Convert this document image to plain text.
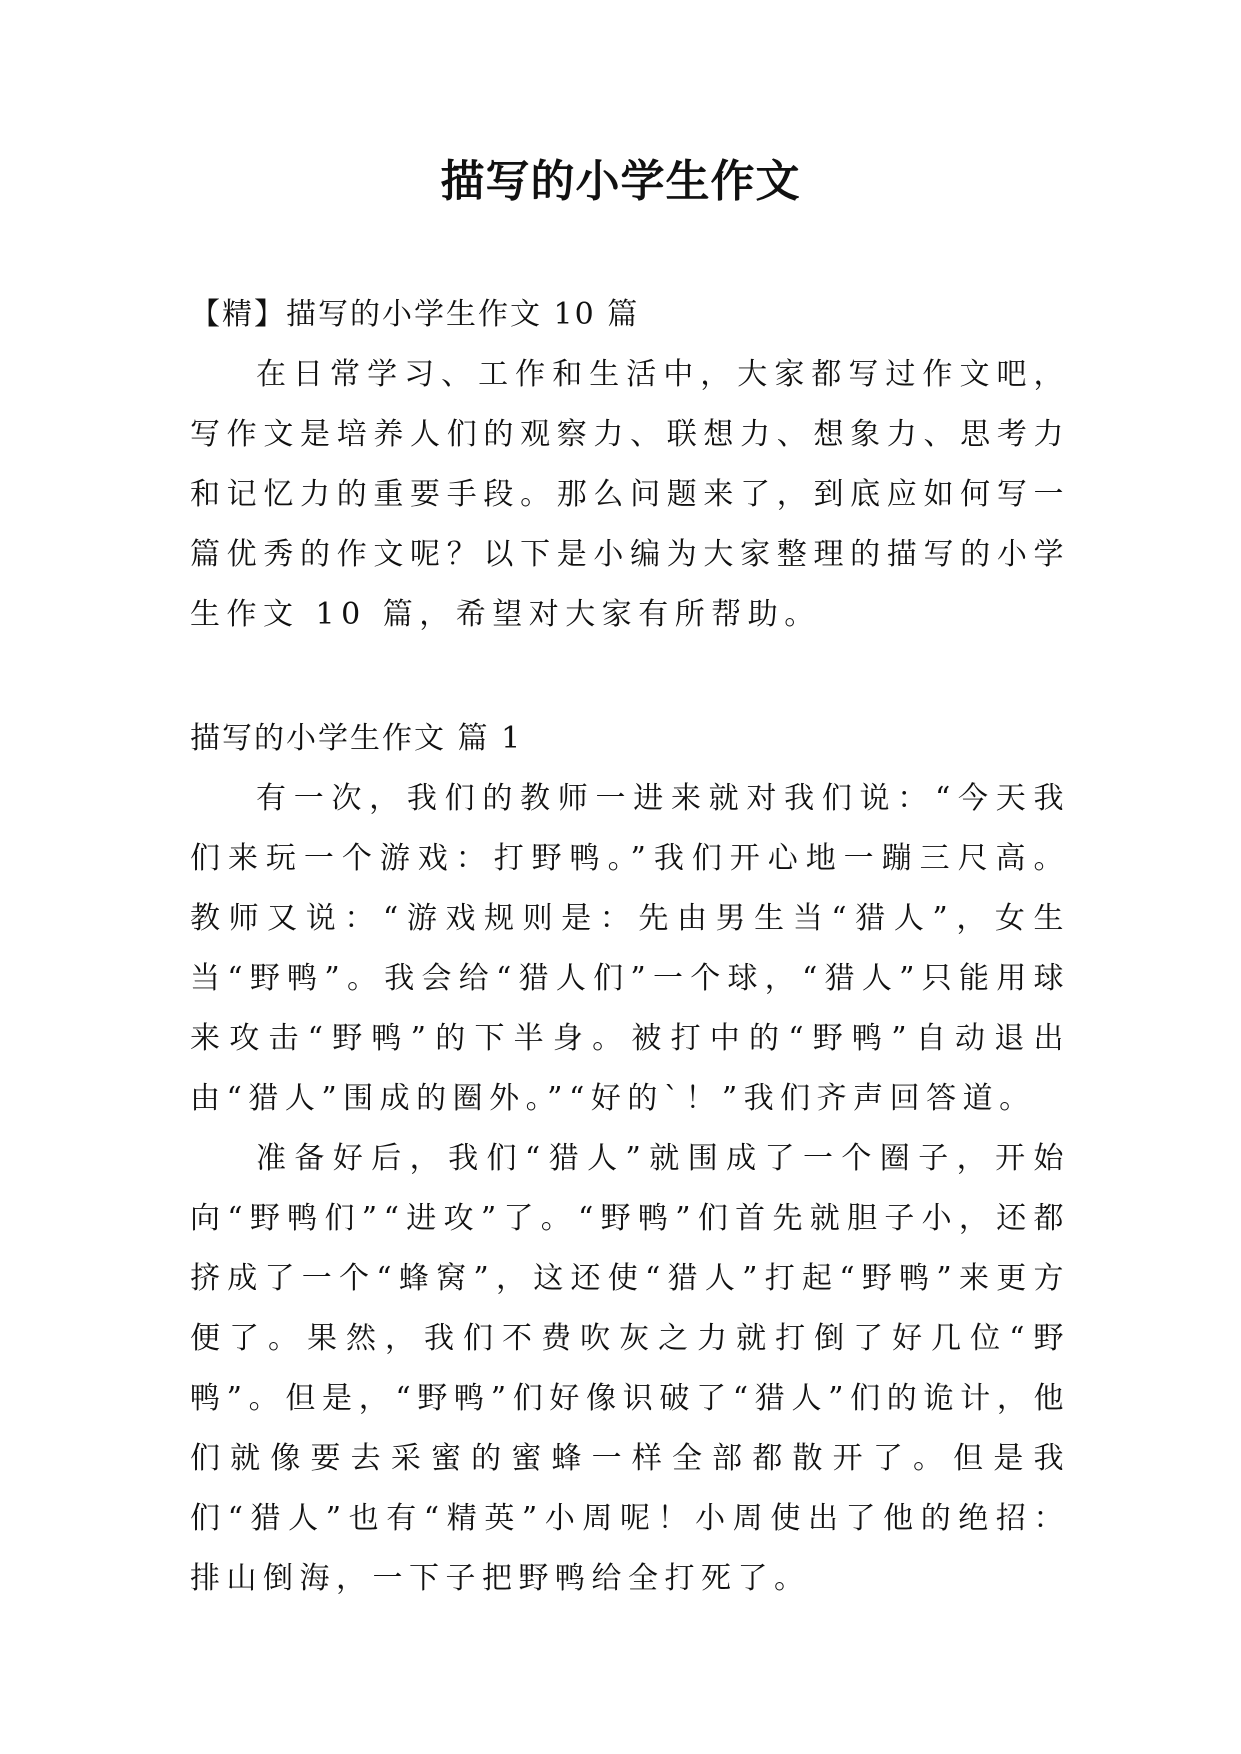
描写的小学生作文

【精】描写的小学生作文 10 篇

在日常学习、工作和生活中，大家都写过作文吧，写作文是培养人们的观察力、联想力、想象力、思考力和记忆力的重要手段。那么问题来了，到底应如何写一篇优秀的作文呢？以下是小编为大家整理的描写的小学生作文 10 篇，希望对大家有所帮助。

描写的小学生作文 篇 1

有一次，我们的教师一进来就对我们说：“今天我们来玩一个游戏：打野鸭。”我们开心地一蹦三尺高。教师又说：“游戏规则是：先由男生当“猎人”，女生当“野鸭”。我会给“猎人们”一个球，“猎人”只能用球来攻击“野鸭”的下半身。被打中的“野鸭”自动退出由“猎人”围成的圈外。”“好的`！”我们齐声回答道。

准备好后，我们“猎人”就围成了一个圈子，开始向“野鸭们”“进攻”了。“野鸭”们首先就胆子小，还都挤成了一个“蜂窝”，这还使“猎人”打起“野鸭”来更方便了。果然，我们不费吹灰之力就打倒了好几位“野鸭”。但是，“野鸭”们好像识破了“猎人”们的诡计，他们就像要去采蜜的蜜蜂一样全部都散开了。但是我们“猎人”也有“精英”小周呢！小周使出了他的绝招：排山倒海，一下子把野鸭给全打死了。
